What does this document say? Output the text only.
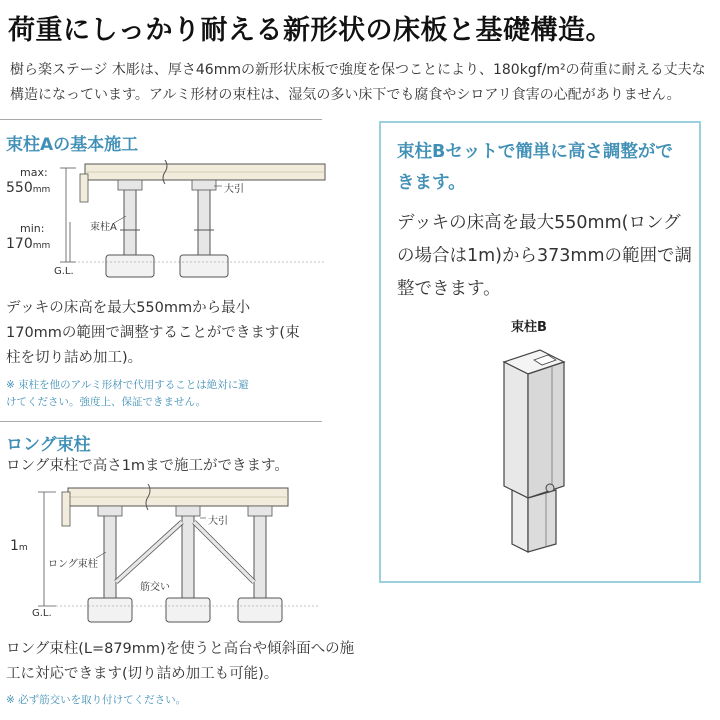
荷重にしっかり耐える新形状の床板と基礎構造。
樹ら楽ステージ 木彫は、厚さ46mmの新形状床板で強度を保つことにより、180kgf/m²の荷重に耐える丈夫な構造になっています。アルミ形材の束柱は、湿気の多い床下でも腐食やシロアリ食害の心配がありません。
束柱Aの基本施工
max:
550mm
min:
170mm
G.L.
束柱A
大引
デッキの床高を最大550mmから最小170mmの範囲で調整することができます(束柱を切り詰め加工)。
※ 束柱を他のアルミ形材で代用することは絶対に避けてください。強度上、保証できません。
ロング束柱
ロング束柱で高さ1mまで施工ができます。
1m
G.L.
ロング束柱
大引
筋交い
ロング束柱(L=879mm)を使うと高台や傾斜面への施工に対応できます(切り詰め加工も可能)。
※ 必ず筋交いを取り付けてください。
束柱Bセットで簡単に高さ調整ができます。
デッキの床高を最大550mm(ロングの場合は1m)から373mmの範囲で調整できます。
束柱B
